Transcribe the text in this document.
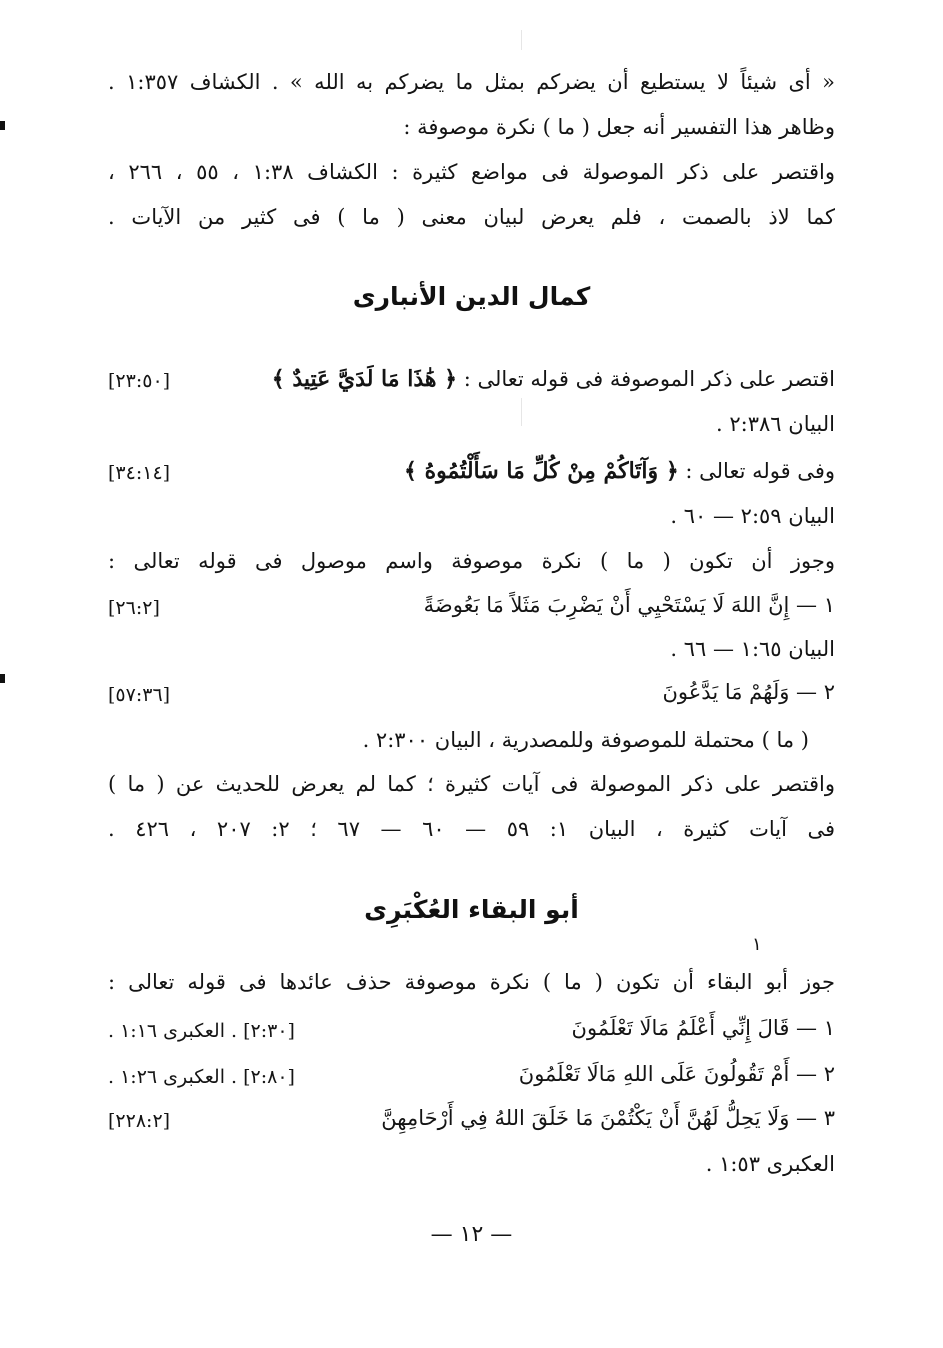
« أى شيئاً لا يستطيع أن يضركم بمثل ما يضركم به الله » . الكشاف ١:٣٥٧ .
وظاهر هذا التفسير أنه جعل ( ما ) نكرة موصوفة :
واقتصر على ذكر الموصولة فى مواضع كثيرة : الكشاف ١:٣٨ ، ٥٥ ، ٢٦٦ ،
كما لاذ بالصمت ، فلم يعرض لبيان معنى ( ما ) فى كثير من الآيات .
كمال الدين الأنبارى
اقتصر على ذكر الموصوفة فى قوله تعالى : ﴿ هَٰذَا مَا لَدَيَّ عَتِيدٌ ﴾
[٢٣:٥٠]
البيان ٢:٣٨٦ .
وفى قوله تعالى : ﴿ وَآتَاكُمْ مِنْ كُلِّ مَا سَأَلْتُمُوهُ ﴾
[٣٤:١٤]
البيان ٢:٥٩ — ٦٠ .
وجوز أن تكون ( ما ) نكرة موصوفة واسم موصول فى قوله تعالى :
١ — إِنَّ اللهَ لَا يَسْتَحْيِي أَنْ يَضْرِبَ مَثَلاً مَا بَعُوضَةً
[٢٦:٢]
البيان ١:٦٥ — ٦٦ .
٢ — وَلَهُمْ مَا يَدَّعُونَ
[٥٧:٣٦]
( ما ) محتملة للموصوفة وللمصدرية ، البيان ٢:٣٠٠ .
واقتصر على ذكر الموصولة فى آيات كثيرة ؛ كما لم يعرض للحديث عن ( ما )
فى آيات كثيرة ، البيان ١: ٥٩ — ٦٠ — ٦٧ ؛ ٢: ٢٠٧ ، ٤٢٦ .
أبو البقاء العُكْبَرِى
١
جوز أبو البقاء أن تكون ( ما ) نكرة موصوفة حذف عائدها فى قوله تعالى :
١ — قَالَ إِنِّي أَعْلَمُ مَالَا تَعْلَمُونَ
[٢:٣٠] . العكبرى ١:١٦ .
٢ — أَمْ تَقُولُونَ عَلَى اللهِ مَالَا تَعْلَمُونَ
[٢:٨٠] . العكبرى ١:٢٦ .
٣ — وَلَا يَحِلُّ لَهُنَّ أَنْ يَكْتُمْنَ مَا خَلَقَ اللهُ فِي أَرْحَامِهِنَّ
[٢٢٨:٢]
العكبرى ١:٥٣ .
— ١٢ —
